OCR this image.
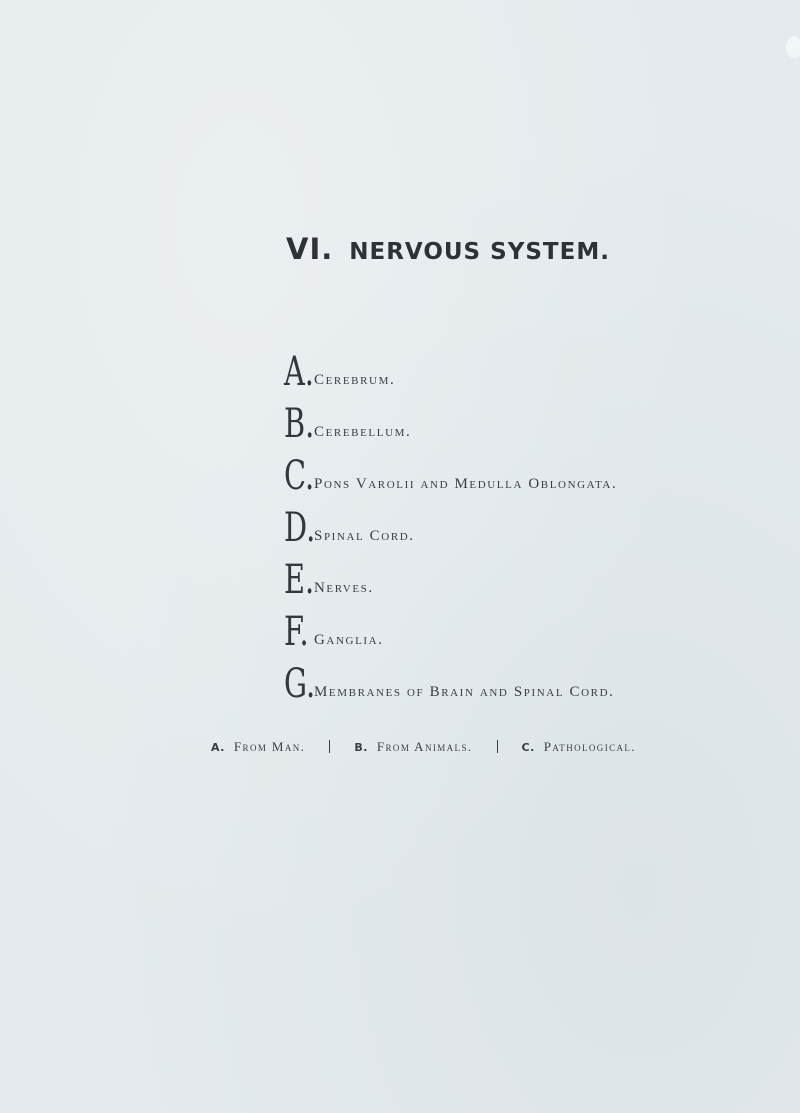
VI. NERVOUS SYSTEM.
A. Cerebrum.
B. Cerebellum.
C. Pons Varolii and Medulla Oblongata.
D.
Spinal Cord.
E. Nerves.
F. Ganglia.
G.
Membranes of Brain and Spinal Cord.
A. From Man.	B. From Animals.	C. Pathological.
